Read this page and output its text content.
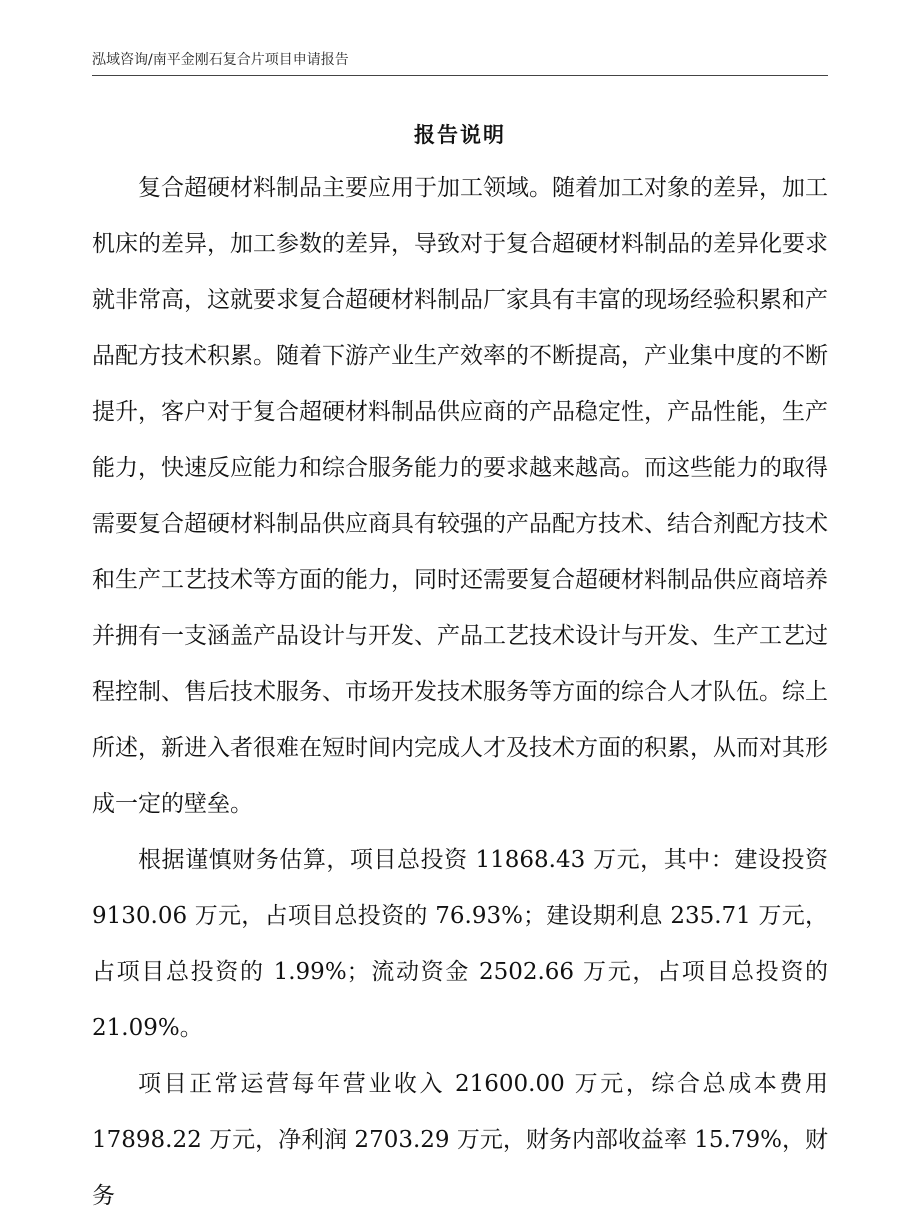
泓域咨询/南平金刚石复合片项目申请报告
报告说明

复合超硬材料制品主要应用于加工领域。随着加工对象的差异，加工机床的差异，加工参数的差异，导致对于复合超硬材料制品的差异化要求就非常高，这就要求复合超硬材料制品厂家具有丰富的现场经验积累和产品配方技术积累。随着下游产业生产效率的不断提高，产业集中度的不断提升，客户对于复合超硬材料制品供应商的产品稳定性，产品性能，生产能力，快速反应能力和综合服务能力的要求越来越高。而这些能力的取得需要复合超硬材料制品供应商具有较强的产品配方技术、结合剂配方技术和生产工艺技术等方面的能力，同时还需要复合超硬材料制品供应商培养并拥有一支涵盖产品设计与开发、产品工艺技术设计与开发、生产工艺过程控制、售后技术服务、市场开发技术服务等方面的综合人才队伍。综上所述，新进入者很难在短时间内完成人才及技术方面的积累，从而对其形成一定的壁垒。

根据谨慎财务估算，项目总投资 11868.43 万元，其中：建设投资 9130.06 万元，占项目总投资的 76.93%；建设期利息 235.71 万元，占项目总投资的 1.99%；流动资金 2502.66 万元，占项目总投资的 21.09%。

项目正常运营每年营业收入 21600.00 万元，综合总成本费用 17898.22 万元，净利润 2703.29 万元，财务内部收益率 15.79%，财务
